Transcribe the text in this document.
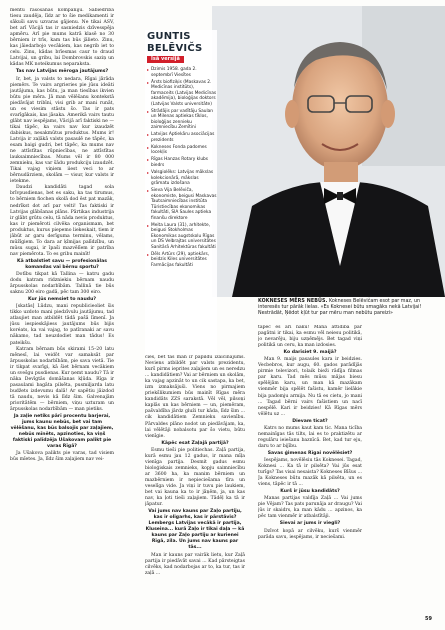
mentu rašošanas kompāniju. Sabiedrība tiesu zaudēja, līdz ar to šie medikamenti ir sākuši savu uzvaras gājienu. Ne tikai ASV, bet arī Vācijā tas ir sasniedzis dzīvesspēja apmēru. Arī pie mums katrā klasē no 30 bērniem ir trīs, kam tas būs jālieto. Zinu, kas jāiedarbojo vecākiem, kas negrib iet to celu. Zinu, kādas brīesmas caur to draud Latvijai, un gribu, lai Dombrovskis saziņ un kādas MK noteikumus neparaksta.

Tas nav Latvijas mēroga jautājums?

Ir, bet, ja valsts to nedara, Rīgai jārāda piemērs. Te vairs argrieries pie jūsu ideāti jautājuma, kas būtu, ja man tiesības ikvien būtu pie mēra. Jā man vēlēšanu kontekstā piedāvājat tribīni, visi grib ar mani runāt, un es viesim stāstu šo. Tas ir pats svarīgākais, kas jāsaka. Amerikā vairs tautu glābt nav iespējams, Vācijā arī faktiski ne — tikai tāpēc, ka vairs nav kur izaudzēt dabiskus, nesakmūtus produktus. Mums ir! Latvija ir zaļākā valsts pasaulē ne tāpēc, ka esam baigi gudri, bet tāpēc, ka mums nav ne attīstītas rūpniecības, ne attīstītas lauksaimniecības. Mums vēl ir 80 000 zemnieku, kas var šādu produkciju izaudzēt. Tikai vajag viņiem iiest veci to ar bērnudārziem, skolām — visur, kur valsts ir ietekme.

Daudzi kandidāti tagad sola brīvpusdienas, bet es saku, ka tas tirumus, to bērniem fiochen skolā dod ēst pat mazāk, nedrīkst dot arī par velti! Tas faktiski ir Latvijas glābšanas plāns. Pārtikas industrija ir glābt grūtu celu, tā nāda nevis produktus, kas ir piemēroti cilvēka organismam, bet produktus, kurus piepemo liekeskait, tiem ir jābūt ar garu derīguma terminu, vēlams, mūžīgiem. To dara ar ķīmijas palīdzību, un mūsu sugai, ir īpaši mazvēlīem ir patrība nav piemērota. To es gribu mainīt!

Kā atbalstiet savu — profesionālas komandas vai bērnu sportu?

Dotību tikpat kā Tallina — katru gadu dodu katram ridzniekiu bērnam naudu ārpusskolas nodarbībām. Tallinā tie būs saknu 200 eiro gadā, pēc tam 300 eiro.

Kur jūs nemsiet to naudu?

[skatās] Lūdzu, mani republicieoliet šis tikko uzdoto mani piedzīvulu jautājumu, tad atlaujiet man atbildēt tādā pašā līmenī. Ja jūsu iespieskājiess jautājums būs bijis koréats, ka vai vajag, to patīranaki ar savu nākamo, tad neuzdodiet man tādus! Es pateikšu.

Katram bērnam būs skirami 15–20 latu mēnesī, lai veidōt var samaksāt par ārpusskolas nodarbībām, pie sava vietā. Tie ir tikpat svarīgi, kā šiet bērnam vecākiem un svešgu pusdienas. Kur ņemt naudu? Tā ir nāka Devīgtās domāšanas kļūda. Rīga ir pasaulami bagāta pilsēta, pusmiljarda latu budžets izdevumu dalā! Ar sapētiu jāizdod tā naudu, nevis kā līdz šim. Galvenajām prioritātēm — bērniem, viņu uzturam un ārpusskolas nodarbībām — man pietiks.

Ja zaļie netiks pārī procentu barjerai, jums kaunu nebūs, bet vai tam vēlēšanu, kas būs balsojis par zaļajiem, nebūs mīnēts, apzinoties, ka viņš faktiski palīdzēja Ušakovam palikt pie varas Rīgā?

Ja Ušakova palikts pie varas, tad visiem būs mīetes. Ja, līdz šim zaļajiem nav vei-

GUNTIS
BELĒVIČS
Īsā versijā
▸ Dzimis 1958. gada 2. septembrī Viesītes
▸ Ārsts biofiziķis (Maskavas 2. Medicīnas institūts), farmaceits (Latvijas Medicīnas akadēmija), bioloģijas doktors (Latvijas Valsts universitāte)
▸ Strādājis par vadītāju Saulan un Milenas aptiekas tīklos, bioloģijas zennieku zaimniecību Zemītini
▸ Latvijas Aptiekāru asociācijas prezidents
▸ Kokneses Fonda padomes locekļis
▸ Rīgas Hanzas Rotary klubs biedrs
▸ Valsgiolēks: Latvijas mākslas kolekcionārā, mākslas grāmatu izdošana
▸ Sieva Vija Belēviča, ekonomiste, beigusi Maskavas Tautsaimniecības institūta Tūristiecības ekonomikas fakultāti, SIA Saules aptieka finanšu direktore
▸ Meita Laura (31), arhitekte, beigusi Stokholmas Ekonomikas augstskolu Rīgas un DS Velbrajtas universitātes Sanitārā Arhitektūras fakultāti
▸ Dēls Artūrs (29), aptiekārs, beidzis Kiles universitātes Farmācijas fakultāti

cies, bet tas man ir papīldu izaicinājums. Neviens atbildēt par valsts prezidentu, kurš pirms ieprites zaļajiem un es neredzu ... kandidātiem? Vai ar bērniem un skolām, ka vajag apzināt to un cik sastapa, ka bet, izm izmaksājuši. Viens no pirmajiem priekšlikumiem būs mainīt Rīgas mēra kandidāts ZZS sarakstā. Vēl vēl, pilsoņi kaplās un kas bērniem — un, piemēram, pašvaldība jārdz gluži tur kāda, līdz šim ... cik kandidātiem Zemnieku savienību. Pārvaldes plāno nodot un piedāvājam, ka, lai vēlētāji nobalsotu par šo vietu, būtu vienīgie.

Kāpēc esat Zaļajā partijā?

Esmu tieši pie politiechas. Zaļā partija, kurā esmu jau 12 gadus, ir mana mīļa vienīga partija. Desmit gadus esmu bioloģiskais zemnieks, kopju saimniecību ar 3600 ha, ka manim bērniem un mazbērniem ir nepieciešama tīra un veselīga vide. Ja viņi ir tuvu pie laukiem, bet vai kauna ka to ir jāņēm, ja, un kas nav, ka ļoti tieši zaļajiem. Tādēļ ka tā ir jāpatur.

Vai jums nav kauns par Zaļo partiju, kas ir oligarhs, kas ir pārstāvis? Lembergs Latvijas vecākā ir partija, Kluseina... kurā Zaļo ir tikai daļa — kā kauns par Zaļo partiju ar kurienei Rīgā, zila. Un jums nav kauns par tās...

Man ir kauns par vairāk lietu, kur Zaļā partija ir piedāvāt savai ... Kad pārsteigtas cilvēks, kad nodarbojas ar to, ka tur, tas ir zaļā ...

KOKNESES MĒRS NEBŪS. Kokneses Belēvičam esot par maz, un interesēs tur pārāk lielas. «Es Koknesei būtu smagāks nekā Latvijai! Nestrādāt, Ņēdot kļūt tur par mēru man nebūtu pareizi»

tāpēc es arī nāku! Mana attīdība par pagātni ir tikai, ka esmu vēl neiesu politikā, jo nevarēju, biju uzņēmējs. Bet tagad viņi politikā un ceru, ka man izdosies.

Ko darīsiet 9. maijā?

Man 9. maijs pasaules kara ir beidzies. Vecbebros, kur augu, 60. gados parādījās pirmie televizori, tolaik bieži rādīja filmas par karu. Tad mēs mūsu mājas biesu spēlējām karu, un man kā mazākam vienmēr bija spēlēt fašistu, kamēr lielākie bija padomju armija. Nu tā es cietu, jo mani ... Tagad bērni vairs fašistiem un nacī nespēlē. Kari ir beidzies! Kā Rīgas mērs vēlētu uz ...

Dievam ticat?

Katrs no mums kaut kam tic. Mana ticība nemainīgas tās tilts, lai es to praktizētu ar regulāru ieiešanu baznīcā. Bet, kad tur eju, daru to ar bijību.

Savas ģimenas Rīgai novēlēsiet?

Iespējams, novēlēsiu tās Koknesei. Tagad, Koknesi ... Ka tā ir pilsēta? Vai jūs esat turīgs? Tas visai nesaista? Kokneses Bīšus ... Ja Kokneses būtu mazāk kā pilsēta, un es viens, tāpēc ir tā ...

Kurš ir jūsu kandidāts?

Manas partijas valdīja Zaļā ... Vai jums pie Vējam? Tas pats parunāja ar draugu? Vai jūs ir skaidrs, ka man kādu ... apzinos, ka pēc tam vienmēr ir atbalstītāji.

Sievai ar jums ir viegli?

Dzīvot kopā ar cilvēku, kurš vienmēr parāda savu, iespējams, ir neciešami.

59
